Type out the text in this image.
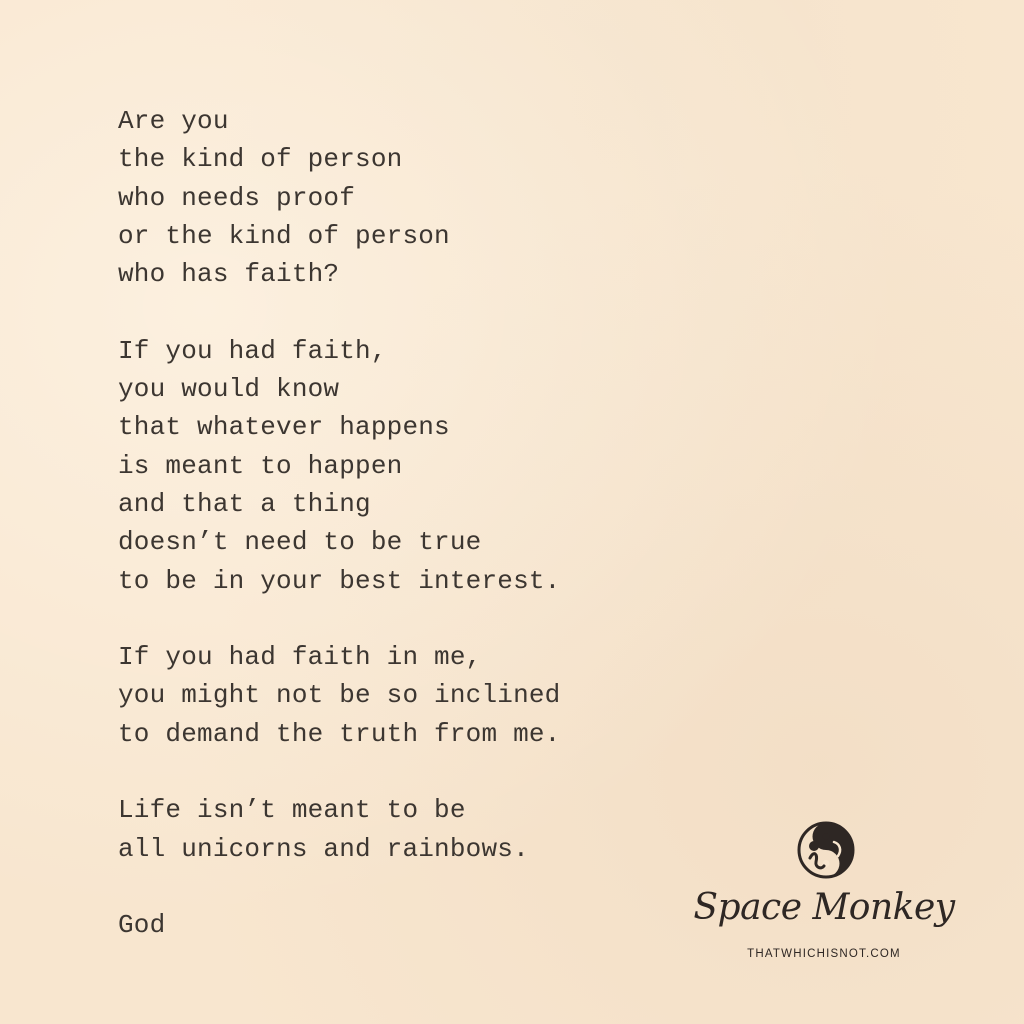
Are you
the kind of person
who needs proof
or the kind of person
who has faith?
If you had faith,
you would know
that whatever happens
is meant to happen
and that a thing
doesn’t need to be true
to be in your best interest.
If you had faith in me,
you might not be so inclined
to demand the truth from me.
Life isn’t meant to be
all unicorns and rainbows.
God	Space Monkey
THATWHICHISNOT.COM
